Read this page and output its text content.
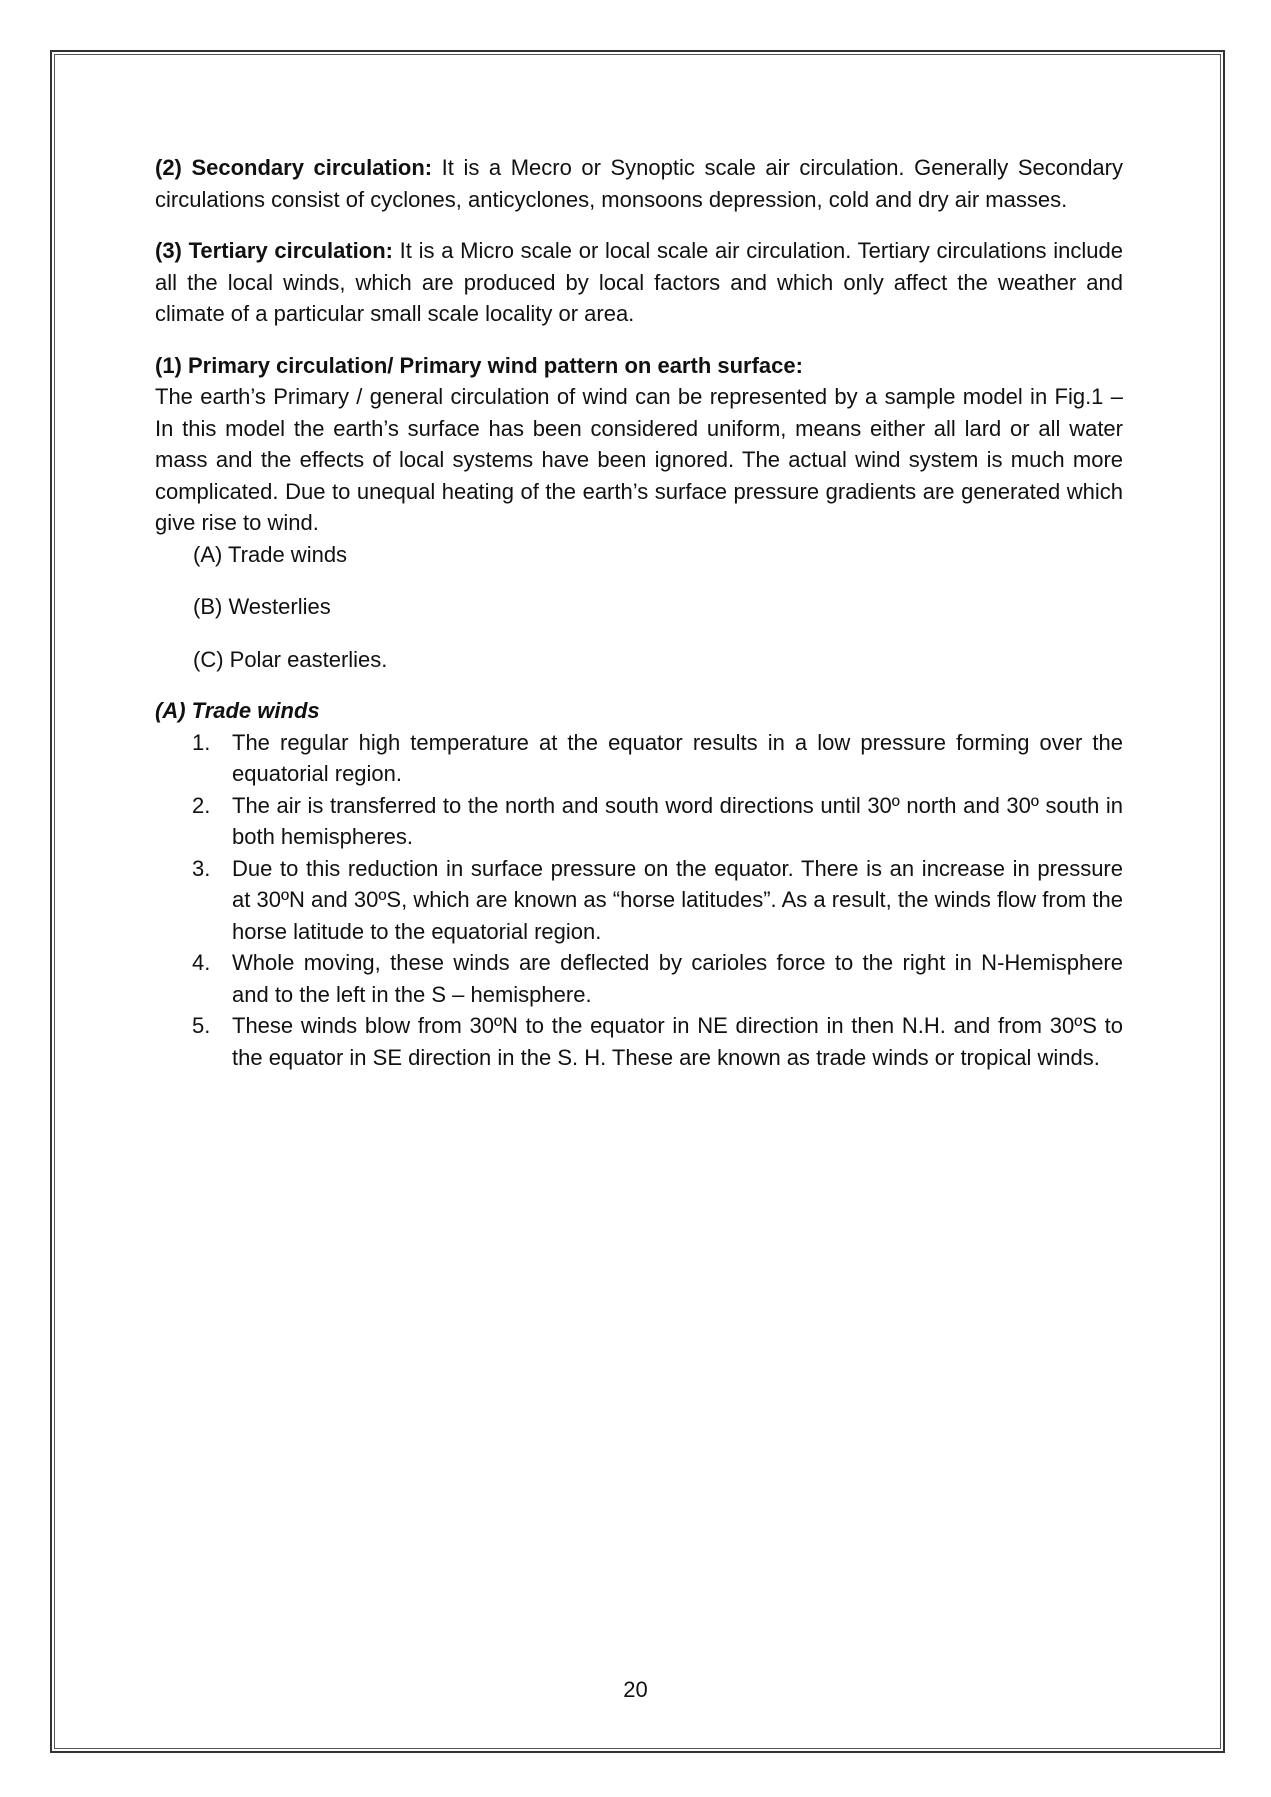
(2) Secondary circulation: It is a Mecro or Synoptic scale air circulation. Generally Secondary circulations consist of cyclones, anticyclones, monsoons depression, cold and dry air masses.

(3) Tertiary circulation: It is a Micro scale or local scale air circulation. Tertiary circulations include all the local winds, which are produced by local factors and which only affect the weather and climate of a particular small scale locality or area.

(1) Primary circulation/ Primary wind pattern on earth surface:

The earth’s Primary / general circulation of wind can be represented by a sample model in Fig.1 – In this model the earth’s surface has been considered uniform, means either all lard or all water mass and the effects of local systems have been ignored. The actual wind system is much more complicated. Due to unequal heating of the earth’s surface pressure gradients are generated which give rise to wind.

(A) Trade winds
(B) Westerlies
(C) Polar easterlies.

(A) Trade winds

1. The regular high temperature at the equator results in a low pressure forming over the equatorial region.
2. The air is transferred to the north and south word directions until 30º north and 30º south in both hemispheres.
3. Due to this reduction in surface pressure on the equator. There is an increase in pressure at 30ºN and 30ºS, which are known as “horse latitudes”. As a result, the winds flow from the horse latitude to the equatorial region.
4. Whole moving, these winds are deflected by carioles force to the right in N-Hemisphere and to the left in the S – hemisphere.
5. These winds blow from 30ºN to the equator in NE direction in then N.H. and from 30ºS to the equator in SE direction in the S. H. These are known as trade winds or tropical winds.
20
